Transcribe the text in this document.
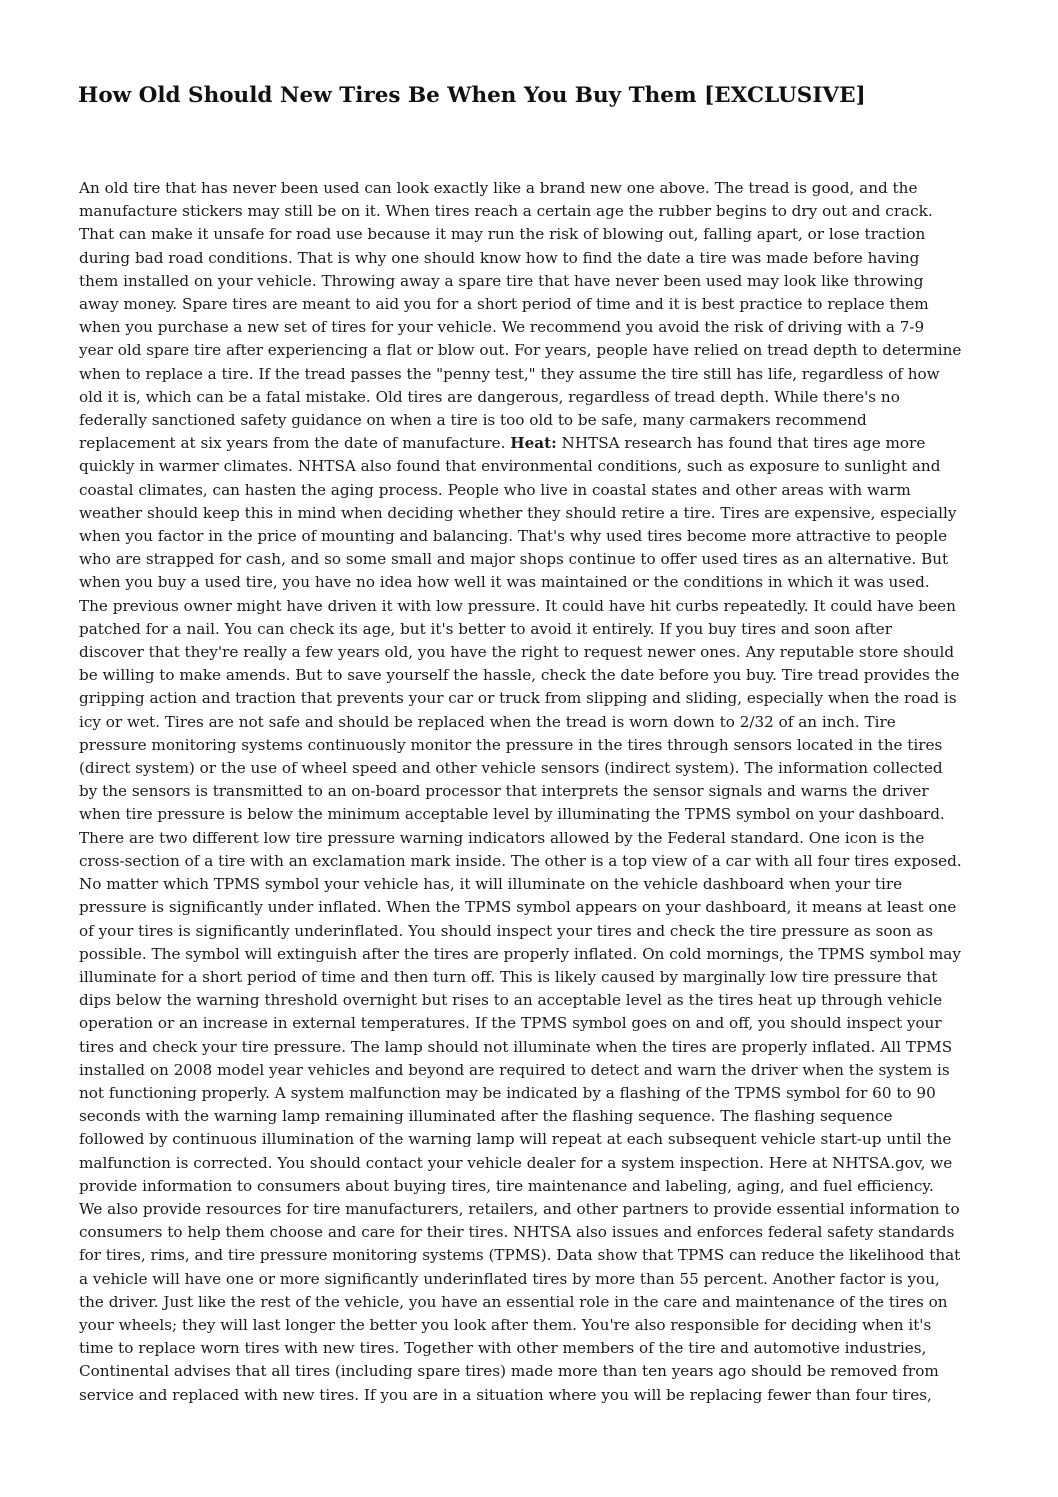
How Old Should New Tires Be When You Buy Them [EXCLUSIVE]
An old tire that has never been used can look exactly like a brand new one above. The tread is good, and the
manufacture stickers may still be on it. When tires reach a certain age the rubber begins to dry out and crack.
That can make it unsafe for road use because it may run the risk of blowing out, falling apart, or lose traction
during bad road conditions. That is why one should know how to find the date a tire was made before having
them installed on your vehicle. Throwing away a spare tire that have never been used may look like throwing
away money. Spare tires are meant to aid you for a short period of time and it is best practice to replace them
when you purchase a new set of tires for your vehicle. We recommend you avoid the risk of driving with a 7-9
year old spare tire after experiencing a flat or blow out. For years, people have relied on tread depth to determine
when to replace a tire. If the tread passes the "penny test," they assume the tire still has life, regardless of how
old it is, which can be a fatal mistake. Old tires are dangerous, regardless of tread depth. While there's no
federally sanctioned safety guidance on when a tire is too old to be safe, many carmakers recommend
replacement at six years from the date of manufacture. Heat: NHTSA research has found that tires age more
quickly in warmer climates. NHTSA also found that environmental conditions, such as exposure to sunlight and
coastal climates, can hasten the aging process. People who live in coastal states and other areas with warm
weather should keep this in mind when deciding whether they should retire a tire. Tires are expensive, especially
when you factor in the price of mounting and balancing. That's why used tires become more attractive to people
who are strapped for cash, and so some small and major shops continue to offer used tires as an alternative. But
when you buy a used tire, you have no idea how well it was maintained or the conditions in which it was used.
The previous owner might have driven it with low pressure. It could have hit curbs repeatedly. It could have been
patched for a nail. You can check its age, but it's better to avoid it entirely. If you buy tires and soon after
discover that they're really a few years old, you have the right to request newer ones. Any reputable store should
be willing to make amends. But to save yourself the hassle, check the date before you buy. Tire tread provides the
gripping action and traction that prevents your car or truck from slipping and sliding, especially when the road is
icy or wet. Tires are not safe and should be replaced when the tread is worn down to 2/32 of an inch. Tire
pressure monitoring systems continuously monitor the pressure in the tires through sensors located in the tires
(direct system) or the use of wheel speed and other vehicle sensors (indirect system). The information collected
by the sensors is transmitted to an on-board processor that interprets the sensor signals and warns the driver
when tire pressure is below the minimum acceptable level by illuminating the TPMS symbol on your dashboard.
There are two different low tire pressure warning indicators allowed by the Federal standard. One icon is the
cross-section of a tire with an exclamation mark inside. The other is a top view of a car with all four tires exposed.
No matter which TPMS symbol your vehicle has, it will illuminate on the vehicle dashboard when your tire
pressure is significantly under inflated. When the TPMS symbol appears on your dashboard, it means at least one
of your tires is significantly underinflated. You should inspect your tires and check the tire pressure as soon as
possible. The symbol will extinguish after the tires are properly inflated. On cold mornings, the TPMS symbol may
illuminate for a short period of time and then turn off. This is likely caused by marginally low tire pressure that
dips below the warning threshold overnight but rises to an acceptable level as the tires heat up through vehicle
operation or an increase in external temperatures. If the TPMS symbol goes on and off, you should inspect your
tires and check your tire pressure. The lamp should not illuminate when the tires are properly inflated. All TPMS
installed on 2008 model year vehicles and beyond are required to detect and warn the driver when the system is
not functioning properly. A system malfunction may be indicated by a flashing of the TPMS symbol for 60 to 90
seconds with the warning lamp remaining illuminated after the flashing sequence. The flashing sequence
followed by continuous illumination of the warning lamp will repeat at each subsequent vehicle start-up until the
malfunction is corrected. You should contact your vehicle dealer for a system inspection. Here at NHTSA.gov, we
provide information to consumers about buying tires, tire maintenance and labeling, aging, and fuel efficiency.
We also provide resources for tire manufacturers, retailers, and other partners to provide essential information to
consumers to help them choose and care for their tires. NHTSA also issues and enforces federal safety standards
for tires, rims, and tire pressure monitoring systems (TPMS). Data show that TPMS can reduce the likelihood that
a vehicle will have one or more significantly underinflated tires by more than 55 percent. Another factor is you,
the driver. Just like the rest of the vehicle, you have an essential role in the care and maintenance of the tires on
your wheels; they will last longer the better you look after them. You're also responsible for deciding when it's
time to replace worn tires with new tires. Together with other members of the tire and automotive industries,
Continental advises that all tires (including spare tires) made more than ten years ago should be removed from
service and replaced with new tires. If you are in a situation where you will be replacing fewer than four tires,
